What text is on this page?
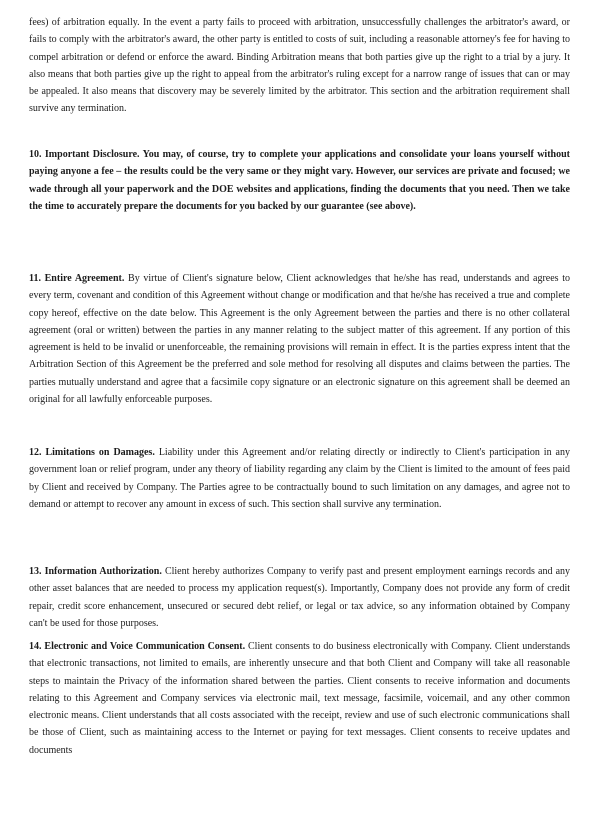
fees) of arbitration equally. In the event a party fails to proceed with arbitration, unsuccessfully challenges the arbitrator's award, or fails to comply with the arbitrator's award, the other party is entitled to costs of suit, including a reasonable attorney's fee for having to compel arbitration or defend or enforce the award. Binding Arbitration means that both parties give up the right to a trial by a jury. It also means that both parties give up the right to appeal from the arbitrator's ruling except for a narrow range of issues that can or may be appealed. It also means that discovery may be severely limited by the arbitrator. This section and the arbitration requirement shall survive any termination.

10. Important Disclosure. You may, of course, try to complete your applications and consolidate your loans yourself without paying anyone a fee – the results could be the very same or they might vary. However, our services are private and focused; we wade through all your paperwork and the DOE websites and applications, finding the documents that you need. Then we take the time to accurately prepare the documents for you backed by our guarantee (see above).

11. Entire Agreement. By virtue of Client's signature below, Client acknowledges that he/she has read, understands and agrees to every term, covenant and condition of this Agreement without change or modification and that he/she has received a true and complete copy hereof, effective on the date below. This Agreement is the only Agreement between the parties and there is no other collateral agreement (oral or written) between the parties in any manner relating to the subject matter of this agreement. If any portion of this agreement is held to be invalid or unenforceable, the remaining provisions will remain in effect. It is the parties express intent that the Arbitration Section of this Agreement be the preferred and sole method for resolving all disputes and claims between the parties. The parties mutually understand and agree that a facsimile copy signature or an electronic signature on this agreement shall be deemed an original for all lawfully enforceable purposes.

12. Limitations on Damages. Liability under this Agreement and/or relating directly or indirectly to Client's participation in any government loan or relief program, under any theory of liability regarding any claim by the Client is limited to the amount of fees paid by Client and received by Company. The Parties agree to be contractually bound to such limitation on any damages, and agree not to demand or attempt to recover any amount in excess of such. This section shall survive any termination.

13. Information Authorization. Client hereby authorizes Company to verify past and present employment earnings records and any other asset balances that are needed to process my application request(s). Importantly, Company does not provide any form of credit repair, credit score enhancement, unsecured or secured debt relief, or legal or tax advice, so any information obtained by Company can't be used for those purposes.

14. Electronic and Voice Communication Consent. Client consents to do business electronically with Company. Client understands that electronic transactions, not limited to emails, are inherently unsecure and that both Client and Company will take all reasonable steps to maintain the Privacy of the information shared between the parties. Client consents to receive information and documents relating to this Agreement and Company services via electronic mail, text message, facsimile, voicemail, and any other common electronic means. Client understands that all costs associated with the receipt, review and use of such electronic communications shall be those of Client, such as maintaining access to the Internet or paying for text messages. Client consents to receive updates and documents
